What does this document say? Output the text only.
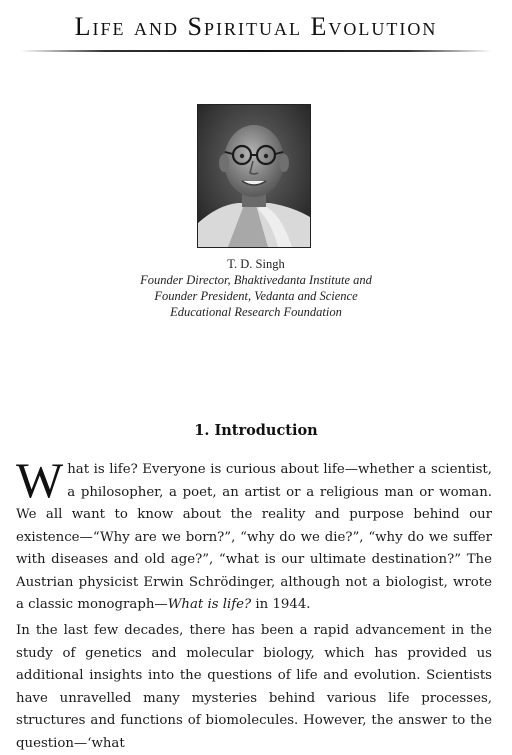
Life and Spiritual Evolution
T. D. Singh
Founder Director, Bhaktivedanta Institute and
Founder President, Vedanta and Science
Educational Research Foundation
1. Introduction

What is life? Everyone is curious about life—whether a scientist, a philosopher, a poet, an artist or a religious man or woman. We all want to know about the reality and purpose behind our existence—“Why are we born?”, “why do we die?”, “why do we suffer with diseases and old age?”, “what is our ultimate destination?” The Austrian physicist Erwin Schrödinger, although not a biologist, wrote a classic monograph—What is life? in 1944.

In the last few decades, there has been a rapid advancement in the study of genetics and molecular biology, which has provided us additional insights into the questions of life and evolution. Scientists have unravelled many mysteries behind various life processes, structures and functions of biomolecules. However, the answer to the question—‘what
